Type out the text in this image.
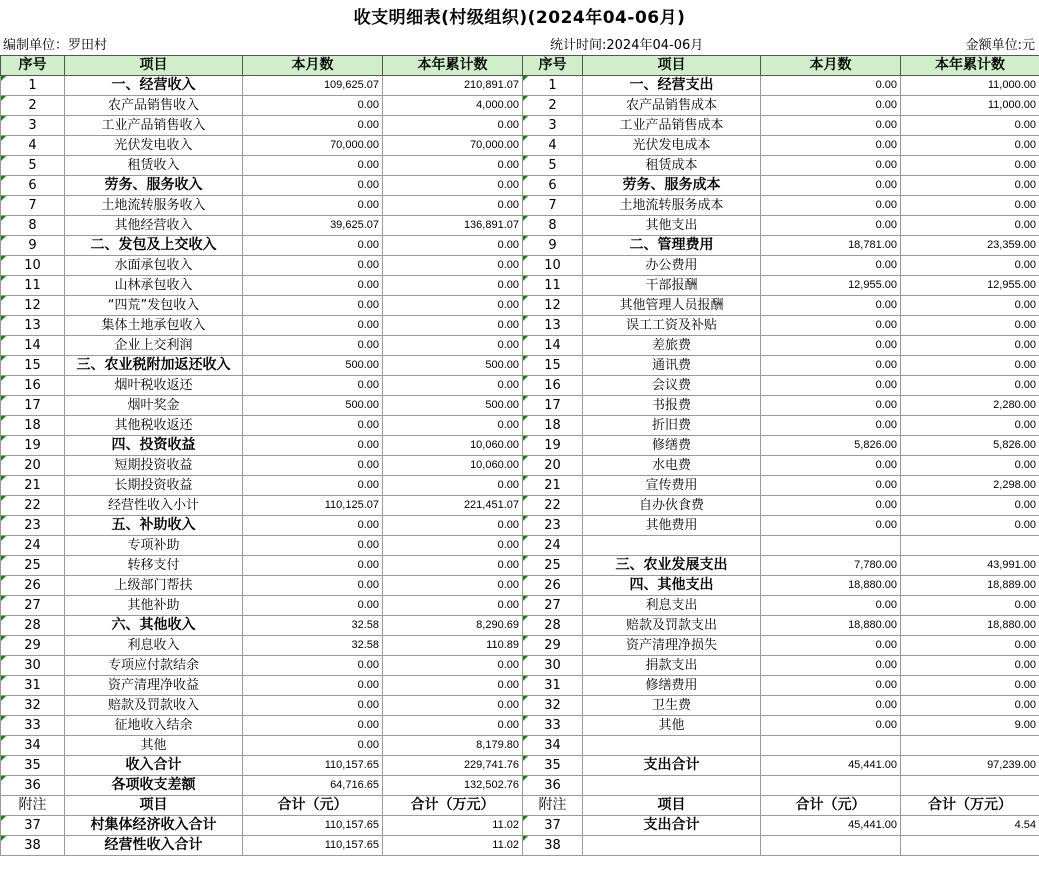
收支明细表(村级组织)(2024年04-06月)
编制单位：罗田村	统计时间:2024年04-06月	金额单位:元
序号	项目	本月数	本年累计数	序号	项目	本月数	本年累计数
1	一、经营收入	109,625.07	210,891.07	1	一、经营支出	0.00	11,000.00
2	农产品销售收入	0.00	4,000.00	2	农产品销售成本	0.00	11,000.00
3	工业产品销售收入	0.00	0.00	3	工业产品销售成本	0.00	0.00
4	光伏发电收入	70,000.00	70,000.00	4	光伏发电成本	0.00	0.00
5	租赁收入	0.00	0.00	5	租赁成本	0.00	0.00
6	劳务、服务收入	0.00	0.00	6	劳务、服务成本	0.00	0.00
7	土地流转服务收入	0.00	0.00	7	土地流转服务成本	0.00	0.00
8	其他经营收入	39,625.07	136,891.07	8	其他支出	0.00	0.00
9	二、发包及上交收入	0.00	0.00	9	二、管理费用	18,781.00	23,359.00
10	水面承包收入	0.00	0.00	10	办公费用	0.00	0.00
11	山林承包收入	0.00	0.00	11	干部报酬	12,955.00	12,955.00
12	“四荒”发包收入	0.00	0.00	12	其他管理人员报酬	0.00	0.00
13	集体土地承包收入	0.00	0.00	13	误工工资及补贴	0.00	0.00
14	企业上交利润	0.00	0.00	14	差旅费	0.00	0.00
15	三、农业税附加返还收入	500.00	500.00	15	通讯费	0.00	0.00
16	烟叶税收返还	0.00	0.00	16	会议费	0.00	0.00
17	烟叶奖金	500.00	500.00	17	书报费	0.00	2,280.00
18	其他税收返还	0.00	0.00	18	折旧费	0.00	0.00
19	四、投资收益	0.00	10,060.00	19	修缮费	5,826.00	5,826.00
20	短期投资收益	0.00	10,060.00	20	水电费	0.00	0.00
21	长期投资收益	0.00	0.00	21	宣传费用	0.00	2,298.00
22	经营性收入小计	110,125.07	221,451.07	22	自办伙食费	0.00	0.00
23	五、补助收入	0.00	0.00	23	其他费用	0.00	0.00
24	专项补助	0.00	0.00	24			
25	转移支付	0.00	0.00	25	三、农业发展支出	7,780.00	43,991.00
26	上级部门帮扶	0.00	0.00	26	四、其他支出	18,880.00	18,889.00
27	其他补助	0.00	0.00	27	利息支出	0.00	0.00
28	六、其他收入	32.58	8,290.69	28	赔款及罚款支出	18,880.00	18,880.00
29	利息收入	32.58	110.89	29	资产清理净损失	0.00	0.00
30	专项应付款结余	0.00	0.00	30	捐款支出	0.00	0.00
31	资产清理净收益	0.00	0.00	31	修缮费用	0.00	0.00
32	赔款及罚款收入	0.00	0.00	32	卫生费	0.00	0.00
33	征地收入结余	0.00	0.00	33	其他	0.00	9.00
34	其他	0.00	8,179.80	34			
35	收入合计	110,157.65	229,741.76	35	支出合计	45,441.00	97,239.00
36	各项收支差额	64,716.65	132,502.76	36			
附注	项目	合计（元）	合计（万元）	附注	项目	合计（元）	合计（万元）
37	村集体经济收入合计	110,157.65	11.02	37	支出合计	45,441.00	4.54
38	经营性收入合计	110,157.65	11.02	38			
